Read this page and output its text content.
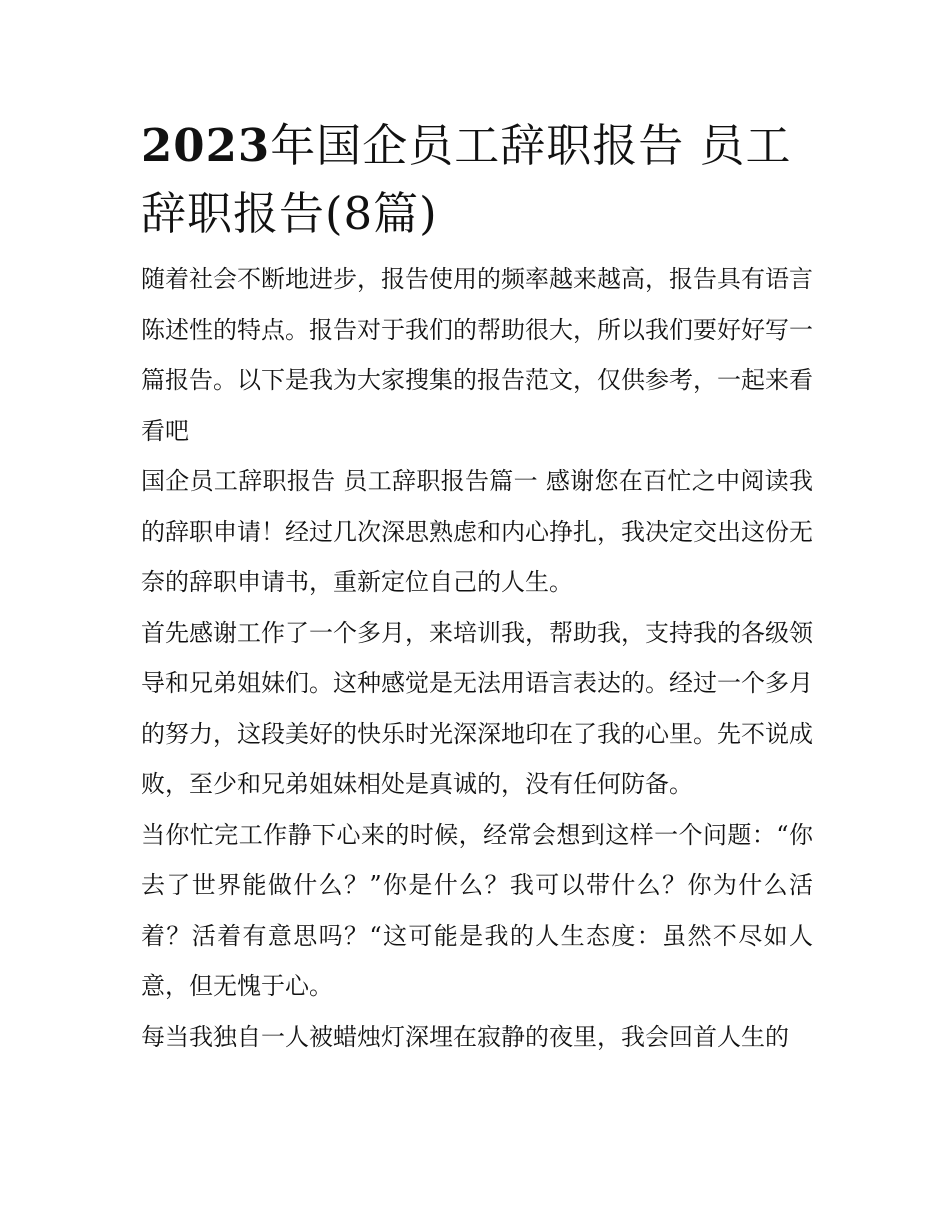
2023年国企员工辞职报告 员工辞职报告(8篇)

随着社会不断地进步，报告使用的频率越来越高，报告具有语言陈述性的特点。报告对于我们的帮助很大，所以我们要好好写一篇报告。以下是我为大家搜集的报告范文，仅供参考，一起来看看吧

国企员工辞职报告 员工辞职报告篇一 感谢您在百忙之中阅读我的辞职申请！经过几次深思熟虑和内心挣扎，我决定交出这份无奈的辞职申请书，重新定位自己的人生。

首先感谢工作了一个多月，来培训我，帮助我，支持我的各级领导和兄弟姐妹们。这种感觉是无法用语言表达的。经过一个多月的努力，这段美好的快乐时光深深地印在了我的心里。先不说成败，至少和兄弟姐妹相处是真诚的，没有任何防备。

当你忙完工作静下心来的时候，经常会想到这样一个问题：“你去了世界能做什么？”你是什么？我可以带什么？你为什么活着？活着有意思吗？“这可能是我的人生态度：虽然不尽如人意，但无愧于心。

每当我独自一人被蜡烛灯深埋在寂静的夜里，我会回首人生的
